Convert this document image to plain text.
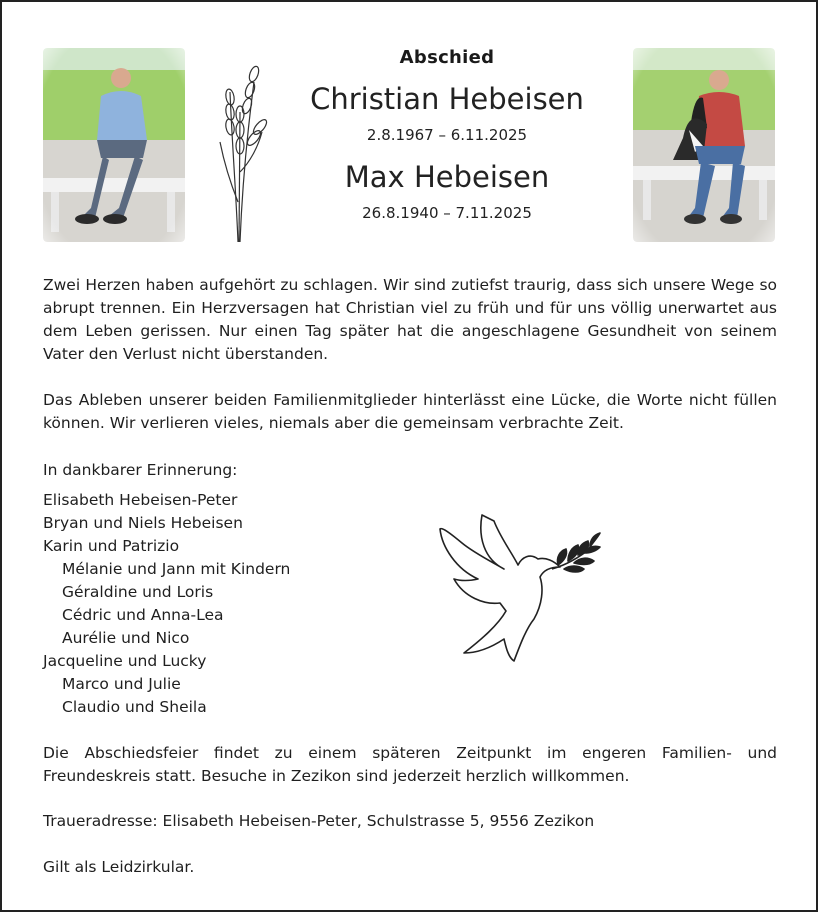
Abschied
Christian Hebeisen
2.8.1967 – 6.11.2025
Max Hebeisen
26.8.1940 – 7.11.2025
Zwei Herzen haben aufgehört zu schlagen. Wir sind zutiefst traurig, dass sich unsere Wege so abrupt trennen. Ein Herzversagen hat Christian viel zu früh und für uns völlig unerwartet aus dem Leben gerissen. Nur einen Tag später hat die angeschlagene Gesundheit von seinem Vater den Verlust nicht überstanden.
Das Ableben unserer beiden Familienmitglieder hinterlässt eine Lücke, die Worte nicht füllen können. Wir verlieren vieles, niemals aber die gemeinsam verbrachte Zeit.
In dankbarer Erinnerung:
Elisabeth Hebeisen-Peter
Bryan und Niels Hebeisen
Karin und Patrizio
Mélanie und Jann mit Kindern
Géraldine und Loris
Cédric und Anna-Lea
Aurélie und Nico
Jacqueline und Lucky
Marco und Julie
Claudio und Sheila
Die Abschiedsfeier findet zu einem späteren Zeitpunkt im engeren Familien- und Freundeskreis statt. Besuche in Zezikon sind jederzeit herzlich willkommen.
Traueradresse: Elisabeth Hebeisen-Peter, Schulstrasse 5, 9556 Zezikon
Gilt als Leidzirkular.
